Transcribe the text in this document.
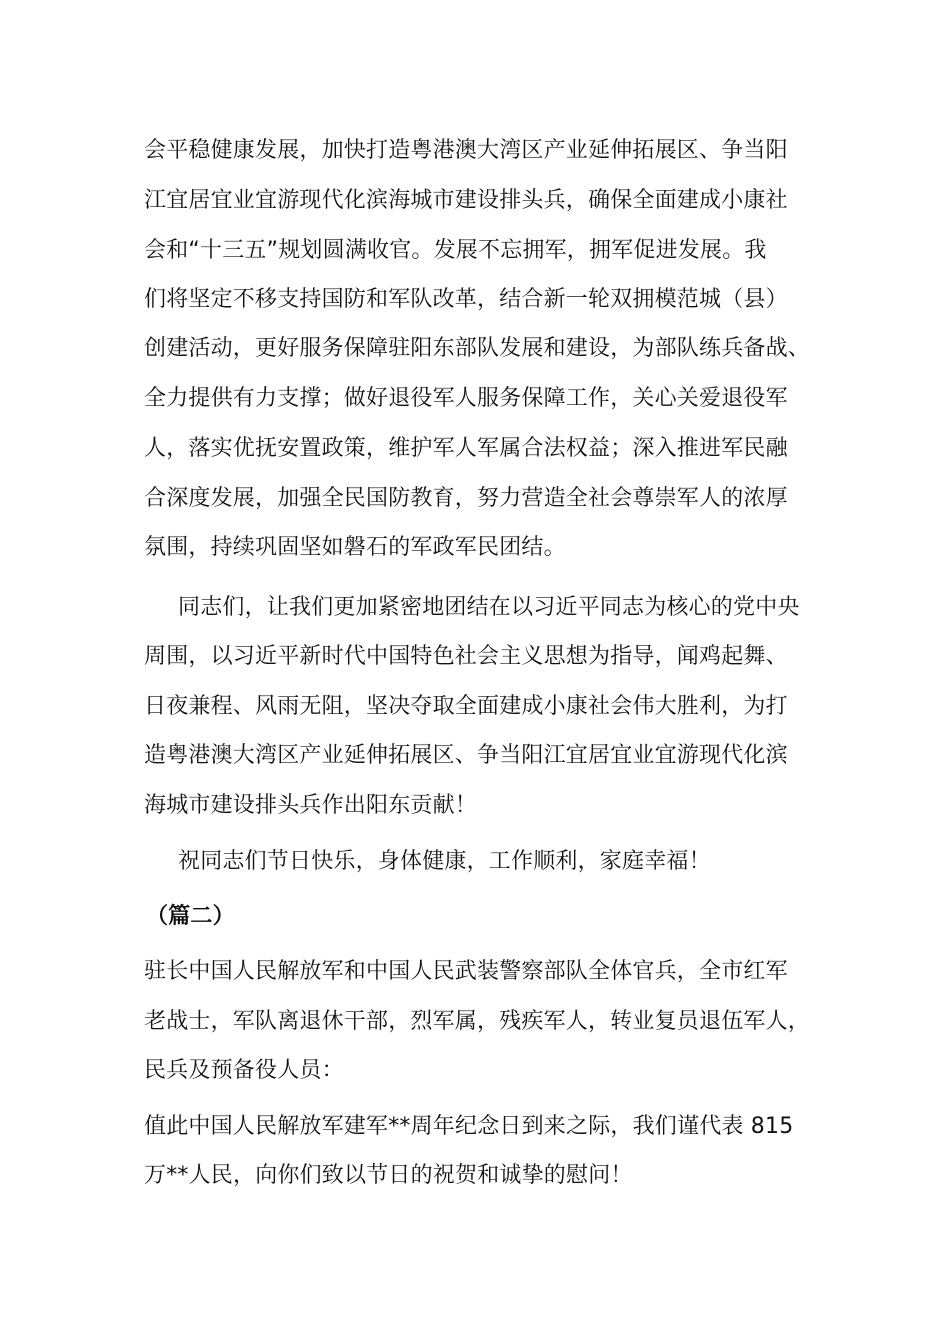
会平稳健康发展，加快打造粤港澳大湾区产业延伸拓展区、争当阳
江宜居宜业宜游现代化滨海城市建设排头兵，确保全面建成小康社
会和“十三五”规划圆满收官。发展不忘拥军，拥军促进发展。我
们将坚定不移支持国防和军队改革，结合新一轮双拥模范城（县）
创建活动，更好服务保障驻阳东部队发展和建设，为部队练兵备战、
全力提供有力支撑；做好退役军人服务保障工作，关心关爱退役军
人，落实优抚安置政策，维护军人军属合法权益；深入推进军民融
合深度发展，加强全民国防教育，努力营造全社会尊崇军人的浓厚
氛围，持续巩固坚如磐石的军政军民团结。
同志们，让我们更加紧密地团结在以习近平同志为核心的党中央
周围，以习近平新时代中国特色社会主义思想为指导，闻鸡起舞、
日夜兼程、风雨无阻，坚决夺取全面建成小康社会伟大胜利，为打
造粤港澳大湾区产业延伸拓展区、争当阳江宜居宜业宜游现代化滨
海城市建设排头兵作出阳东贡献！
祝同志们节日快乐，身体健康，工作顺利，家庭幸福！
（篇二）
驻长中国人民解放军和中国人民武装警察部队全体官兵，全市红军
老战士，军队离退休干部，烈军属，残疾军人，转业复员退伍军人，
民兵及预备役人员：
值此中国人民解放军建军**周年纪念日到来之际，我们谨代表 815
万**人民，向你们致以节日的祝贺和诚挚的慰问！
